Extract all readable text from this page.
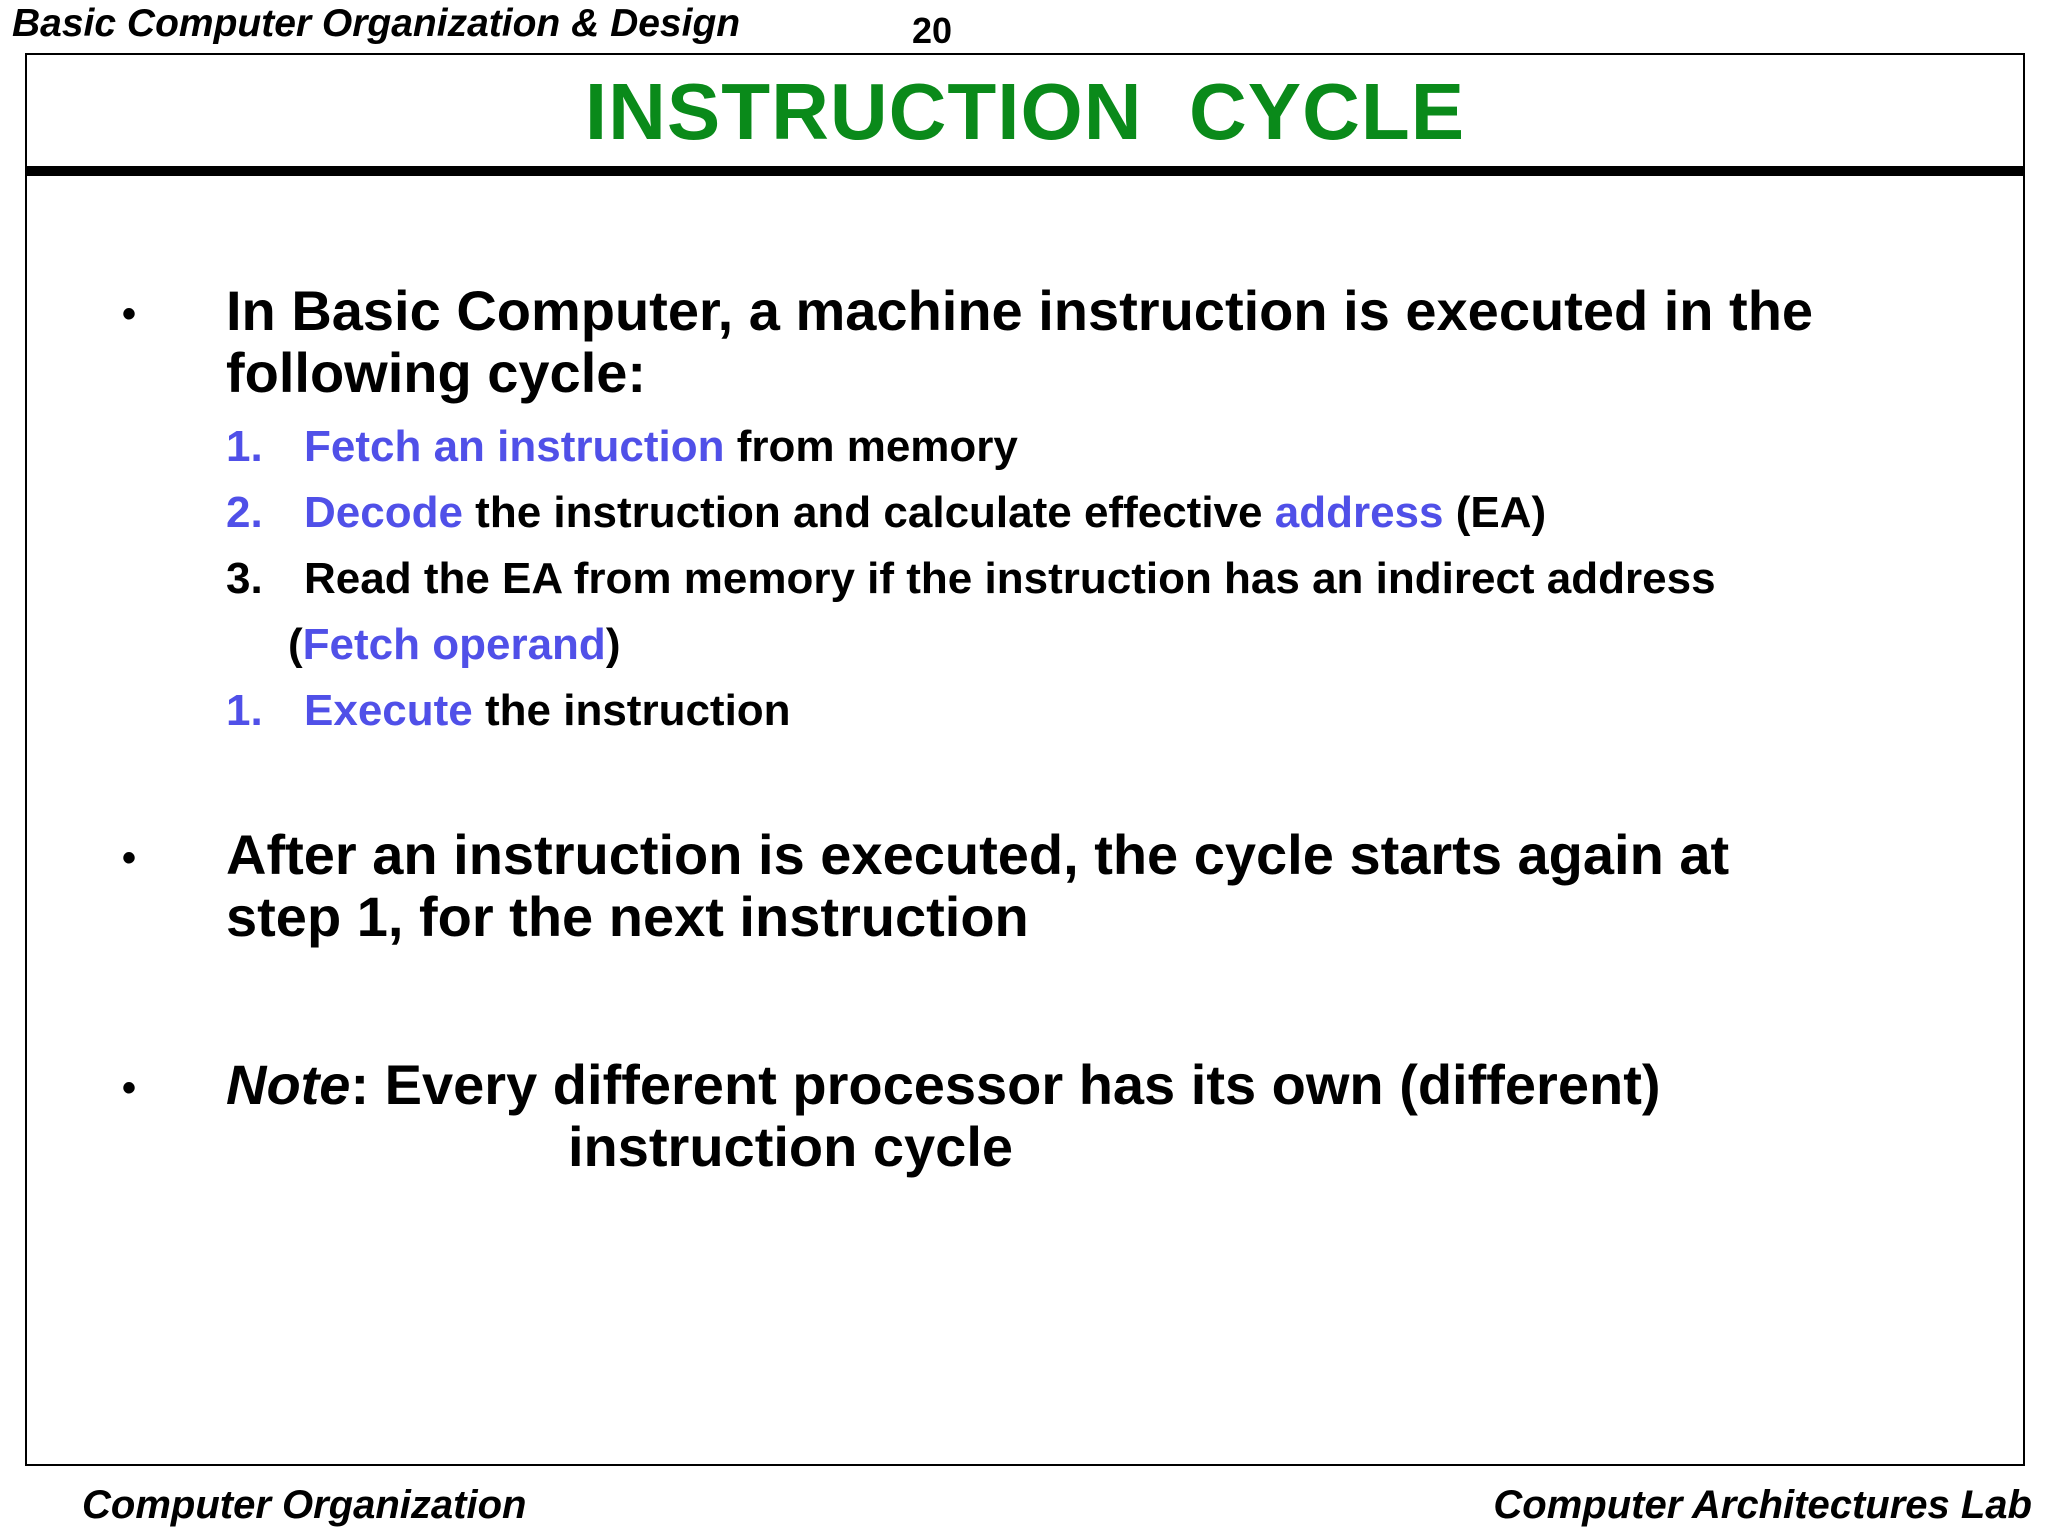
Basic Computer Organization & Design	20
INSTRUCTION  CYCLE
• In Basic Computer, a machine instruction is executed in the following cycle:
1. Fetch an instruction from memory
2. Decode the instruction and calculate effective address (EA)
3. Read the EA from memory if the instruction has an indirect address
(Fetch operand)
1. Execute the instruction
• After an instruction is executed, the cycle starts again at step 1, for the next instruction
• Note: Every different processor has its own (different)
instruction cycle
Computer Organization	Computer Architectures Lab
